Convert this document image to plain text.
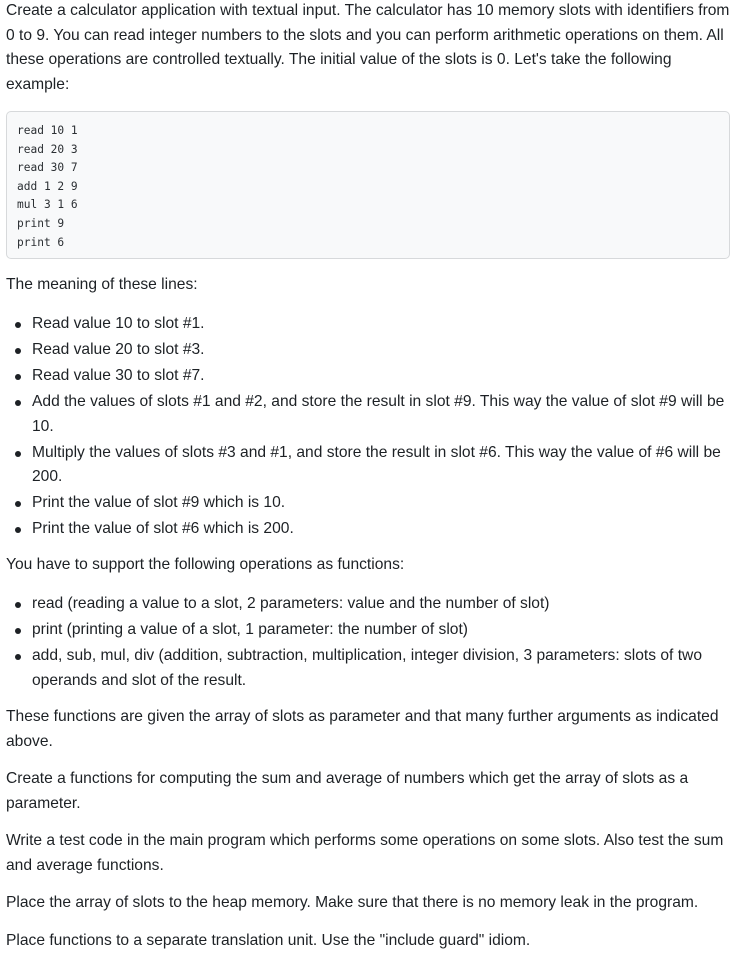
Create a calculator application with textual input. The calculator has 10 memory slots with identifiers from 0 to 9. You can read integer numbers to the slots and you can perform arithmetic operations on them. All these operations are controlled textually. The initial value of the slots is 0. Let's take the following example:

read 10 1
read 20 3
read 30 7
add 1 2 9
mul 3 1 6
print 9
print 6

The meaning of these lines:

Read value 10 to slot #1.
Read value 20 to slot #3.
Read value 30 to slot #7.
Add the values of slots #1 and #2, and store the result in slot #9. This way the value of slot #9 will be 10.
Multiply the values of slots #3 and #1, and store the result in slot #6. This way the value of #6 will be 200.
Print the value of slot #9 which is 10.
Print the value of slot #6 which is 200.

You have to support the following operations as functions:

read (reading a value to a slot, 2 parameters: value and the number of slot)
print (printing a value of a slot, 1 parameter: the number of slot)
add, sub, mul, div (addition, subtraction, multiplication, integer division, 3 parameters: slots of two operands and slot of the result.

These functions are given the array of slots as parameter and that many further arguments as indicated above.

Create a functions for computing the sum and average of numbers which get the array of slots as a parameter.

Write a test code in the main program which performs some operations on some slots. Also test the sum and average functions.

Place the array of slots to the heap memory. Make sure that there is no memory leak in the program.

Place functions to a separate translation unit. Use the "include guard" idiom.
